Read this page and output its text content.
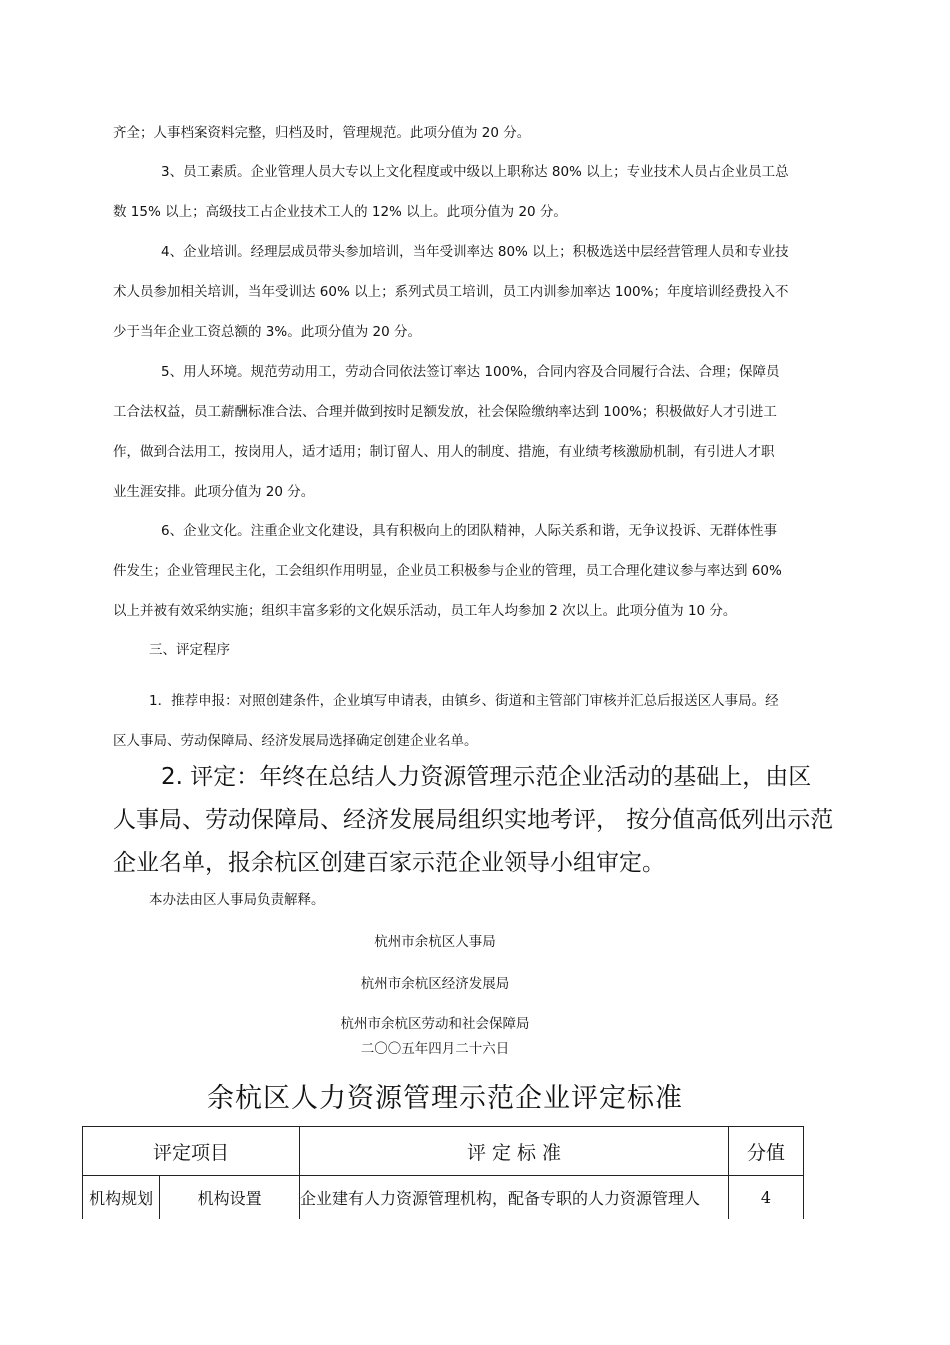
齐全；人事档案资料完整，归档及时，管理规范。此项分值为 20 分。
3、员工素质。企业管理人员大专以上文化程度或中级以上职称达 80% 以上；专业技术人员占企业员工总
数 15% 以上；高级技工占企业技术工人的 12% 以上。此项分值为 20 分。
4、企业培训。经理层成员带头参加培训，当年受训率达 80% 以上；积极选送中层经营管理人员和专业技
术人员参加相关培训，当年受训达 60% 以上；系列式员工培训，员工内训参加率达 100%；年度培训经费投入不
少于当年企业工资总额的 3%。此项分值为 20 分。
5、用人环境。规范劳动用工，劳动合同依法签订率达 100%，合同内容及合同履行合法、合理；保障员
工合法权益，员工薪酬标准合法、合理并做到按时足额发放，社会保险缴纳率达到 100%；积极做好人才引进工
作，做到合法用工，按岗用人，适才适用；制订留人、用人的制度、措施，有业绩考核激励机制，有引进人才职
业生涯安排。此项分值为 20 分。
6、企业文化。注重企业文化建设，具有积极向上的团队精神，人际关系和谐，无争议投诉、无群体性事
件发生；企业管理民主化，工会组织作用明显，企业员工积极参与企业的管理，员工合理化建议参与率达到 60%
以上并被有效采纳实施；组织丰富多彩的文化娱乐活动，员工年人均参加 2 次以上。此项分值为 10 分。
三、评定程序
1．推荐申报：对照创建条件，企业填写申请表，由镇乡、街道和主管部门审核并汇总后报送区人事局。经
区人事局、劳动保障局、经济发展局选择确定创建企业名单。
2. 评定：年终在总结人力资源管理示范企业活动的基础上，由区
人事局、劳动保障局、经济发展局组织实地考评， 按分值高低列出示范
企业名单，报余杭区创建百家示范企业领导小组审定。
本办法由区人事局负责解释。
杭州市余杭区人事局
杭州市余杭区经济发展局
杭州市余杭区劳动和社会保障局
二〇〇五年四月二十六日
余杭区人力资源管理示范企业评定标准
评定项目		评 定 标 准	分值
机构规划	机构设置	企业建有人力资源管理机构，配备专职的人力资源管理人	4
